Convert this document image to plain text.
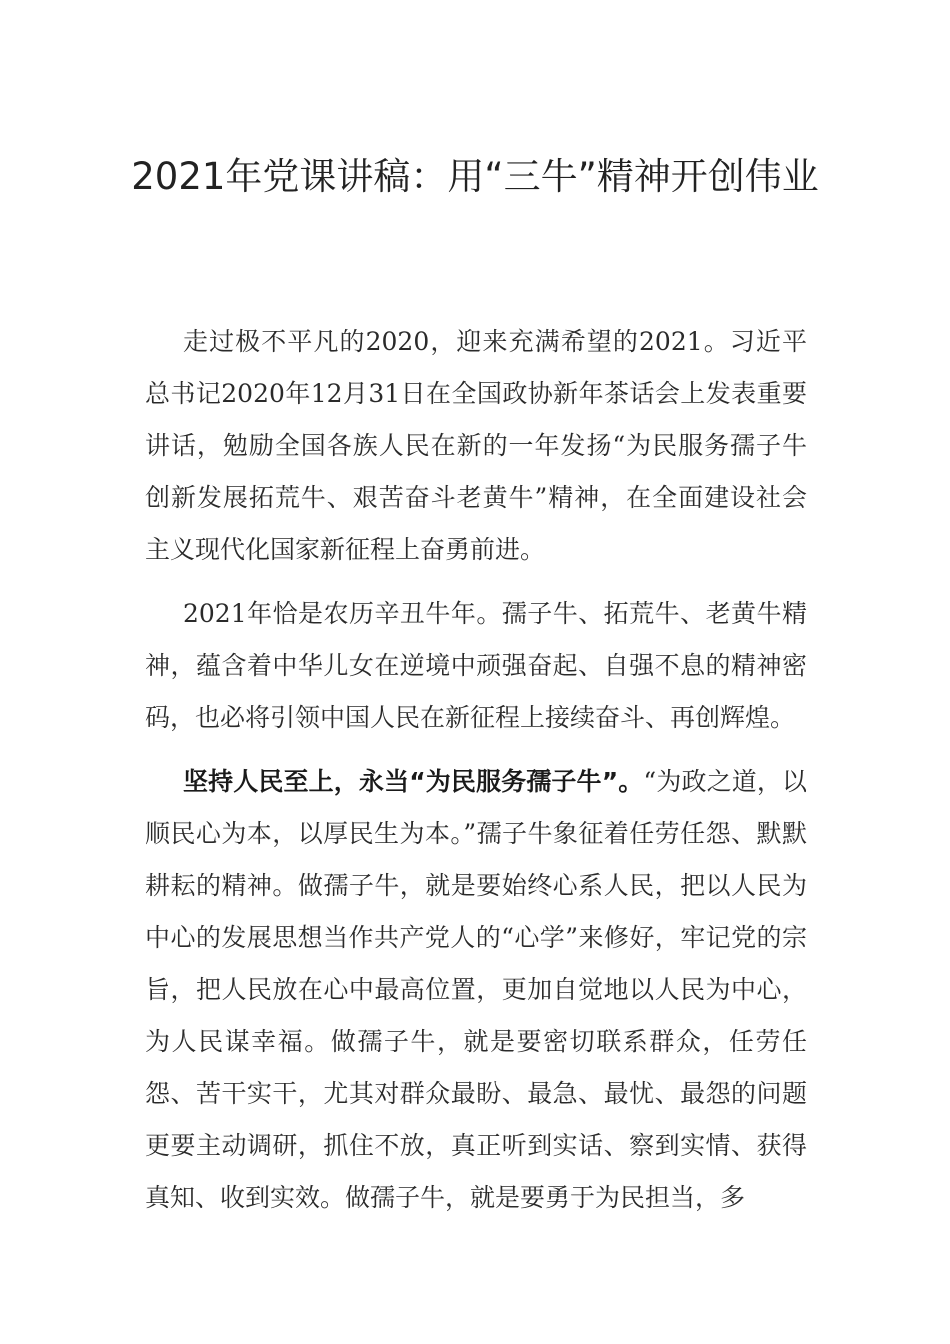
2021年党课讲稿：用“三牛”精神开创伟业

走过极不平凡的2020，迎来充满希望的2021。习近平总书记2020年12月31日在全国政协新年茶话会上发表重要讲话，勉励全国各族人民在新的一年发扬“为民服务孺子牛创新发展拓荒牛、艰苦奋斗老黄牛”精神，在全面建设社会主义现代化国家新征程上奋勇前进。

2021年恰是农历辛丑牛年。孺子牛、拓荒牛、老黄牛精神，蕴含着中华儿女在逆境中顽强奋起、自强不息的精神密码，也必将引领中国人民在新征程上接续奋斗、再创辉煌。

坚持人民至上，永当“为民服务孺子牛”。“为政之道，以顺民心为本，以厚民生为本。”孺子牛象征着任劳任怨、默默耕耘的精神。做孺子牛，就是要始终心系人民，把以人民为中心的发展思想当作共产党人的“心学”来修好，牢记党的宗旨，把人民放在心中最高位置，更加自觉地以人民为中心，为人民谋幸福。做孺子牛，就是要密切联系群众，任劳任怨、苦干实干，尤其对群众最盼、最急、最忧、最怨的问题更要主动调研，抓住不放，真正听到实话、察到实情、获得真知、收到实效。做孺子牛，就是要勇于为民担当，多
